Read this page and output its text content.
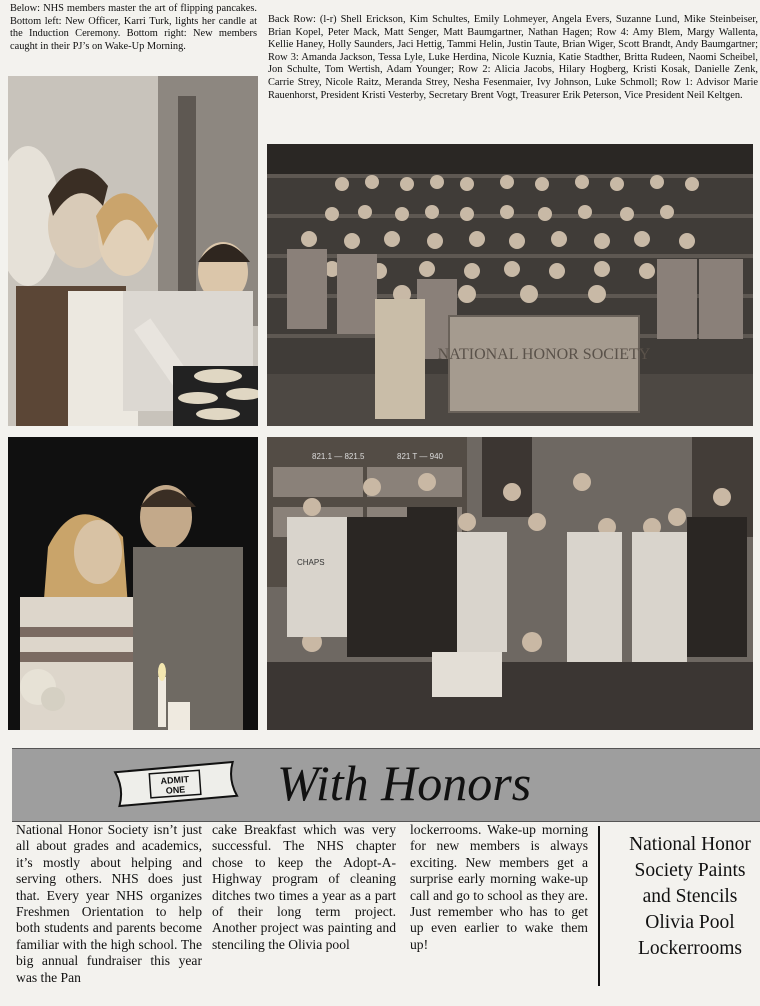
Below: NHS members master the art of flipping pancakes. Bottom left: New Officer, Karri Turk, lights her candle at the Induction Ceremony. Bottom right: New members caught in their PJ’s on Wake-Up Morning.

Back Row: (l-r) Shell Erickson, Kim Schultes, Emily Lohmeyer, Angela Evers, Suzanne Lund, Mike Steinbeiser, Brian Kopel, Peter Mack, Matt Senger, Matt Baumgartner, Nathan Hagen; Row 4: Amy Blem, Margy Wallenta, Kellie Haney, Holly Saunders, Jaci Hettig, Tammi Helin, Justin Taute, Brian Wiger, Scott Brandt, Andy Baumgartner; Row 3: Amanda Jackson, Tessa Lyle, Luke Herdina, Nicole Kuznia, Katie Stadther, Britta Rudeen, Naomi Scheibel, Jon Schulte, Tom Wertish, Adam Younger; Row 2: Alicia Jacobs, Hilary Hogberg, Kristi Kosak, Danielle Zenk, Carrie Strey, Nicole Raitz, Meranda Strey, Nesha Fesenmaier, Ivy Johnson, Luke Schmoll; Row 1: Advisor Marie Rauenhorst, President Kristi Vesterby, Secretary Brent Vogt, Treasurer Erik Peterson, Vice President Neil Keltgen.

NATIONAL HONOR SOCIETY
821.1 — 821.5	821 T — 940
CHAPS
ADMIT
ONE With Honors

National Honor Society isn’t just all about grades and academics, it’s mostly about helping and serving others. NHS does just that. Every year NHS organizes Freshmen Orientation to help both students and parents become familiar with the high school. The big annual fundraiser this year was the Pan

cake Breakfast which was very successful. The NHS chapter chose to keep the Adopt-A-Highway program of cleaning ditches two times a year as a part of their long term project. Another project was painting and stenciling the Olivia pool

lockerrooms. Wake-up morning for new members is always exciting. New members get a surprise early morning wake-up call and go to school as they are. Just remember who has to get up even earlier to wake them up!

National Honor
Society Paints
and Stencils
Olivia Pool
Lockerrooms
